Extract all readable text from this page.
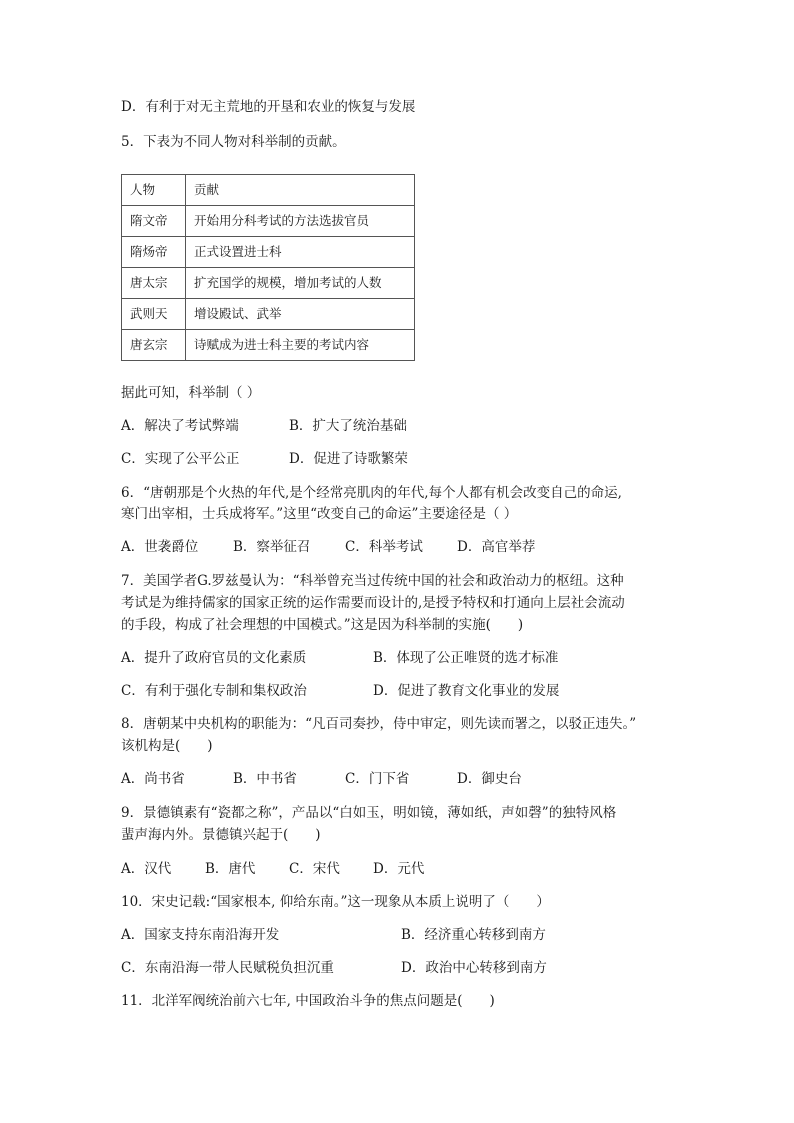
D．有利于对无主荒地的开垦和农业的恢复与发展
5．下表为不同人物对科举制的贡献。
人物	贡献
隋文帝	开始用分科考试的方法选拔官员
隋炀帝	正式设置进士科
唐太宗	扩充国学的规模，增加考试的人数
武则天	增设殿试、武举
唐玄宗	诗赋成为进士科主要的考试内容
据此可知，科举制（ ）
A．解决了考试弊端	B．扩大了统治基础
C．实现了公平公正	D．促进了诗歌繁荣
6．“唐朝那是个火热的年代,是个经常亮肌肉的年代,每个人都有机会改变自己的命运,
寒门出宰相，士兵成将军。”这里“改变自己的命运”主要途径是（ ）
A．世袭爵位	B．察举征召	C．科举考试	D．高官举荐
7．美国学者G.罗兹曼认为：“科举曾充当过传统中国的社会和政治动力的枢纽。这种
考试是为维持儒家的国家正统的运作需要而设计的,是授予特权和打通向上层社会流动
的手段，构成了社会理想的中国模式。”这是因为科举制的实施(　　)
A．提升了政府官员的文化素质	B．体现了公正唯贤的选才标准
C．有利于强化专制和集权政治	D．促进了教育文化事业的发展
8．唐朝某中央机构的职能为：“凡百司奏抄，侍中审定，则先读而署之，以驳正违失。”
该机构是(　　)
A．尚书省	B．中书省	C．门下省	D．御史台
9．景德镇素有“瓷都之称”，产品以“白如玉，明如镜，薄如纸，声如磬”的独特风格
蜚声海内外。景德镇兴起于(　　)
A．汉代	B．唐代 C．宋代 D．元代
10．宋史记载:“国家根本, 仰给东南。”这一现象从本质上说明了（　　）
A．国家支持东南沿海开发	B．经济重心转移到南方
C．东南沿海一带人民赋税负担沉重	D．政治中心转移到南方
11．北洋军阀统治前六七年, 中国政治斗争的焦点问题是(　　)
